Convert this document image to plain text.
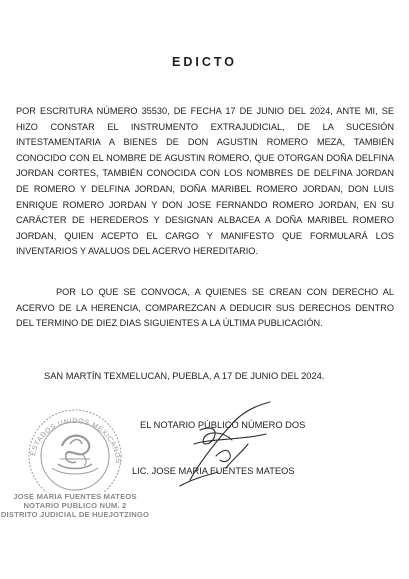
EDICTO
POR ESCRITURA NÚMERO 35530, DE FECHA 17 DE JUNIO DEL 2024, ANTE MI, SE HIZO CONSTAR EL INSTRUMENTO EXTRAJUDICIAL, DE LA SUCESIÓN INTESTAMENTARIA A BIENES DE DON AGUSTIN ROMERO MEZA, TAMBIÉN CONOCIDO CON EL NOMBRE DE AGUSTIN ROMERO, QUE OTORGAN DOÑA DELFINA JORDAN CORTES, TAMBIÉN CONOCIDA CON LOS NOMBRES DE DELFINA JORDAN DE ROMERO Y DELFINA JORDAN, DOÑA MARIBEL ROMERO JORDAN, DON LUIS ENRIQUE ROMERO JORDAN Y DON JOSE FERNANDO ROMERO JORDAN, EN SU CARÁCTER DE HEREDEROS Y DESIGNAN ALBACEA A DOÑA MARIBEL ROMERO JORDAN, QUIEN ACEPTO EL CARGO Y MANIFESTO QUE FORMULARÁ LOS INVENTARIOS Y AVALUOS DEL ACERVO HEREDITARIO.
POR LO QUE SE CONVOCA, A QUIENES SE CREAN CON DERECHO AL ACERVO DE LA HERENCIA, COMPAREZCAN A DEDUCIR SUS DERECHOS DENTRO DEL TERMINO DE DIEZ DIAS SIGUIENTES A LA ÚLTIMA PUBLICACIÓN.
SAN MARTÍN TEXMELUCAN, PUEBLA, A 17 DE JUNIO DEL 2024.
ESTADOS UNIDOS MEXICANOS
JOSE MARIA FUENTES MATEOS
NOTARIO PUBLICO NUM. 2
DISTRITO JUDICIAL DE HUEJOTZINGO
EL NOTARIO PÚBLICO NÚMERO DOS
LIC. JOSE MARIA FUENTES MATEOS
